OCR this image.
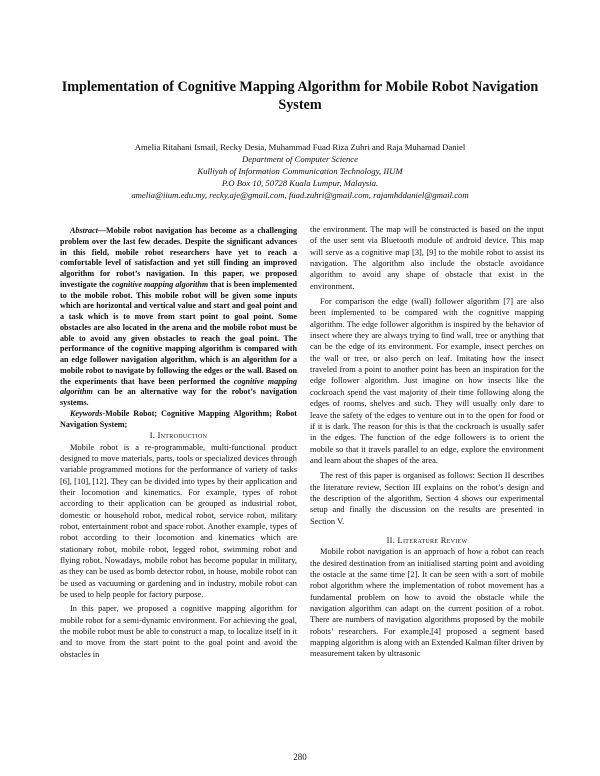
Implementation of Cognitive Mapping Algorithm for Mobile Robot Navigation System
Amelia Ritahani Ismail, Recky Desia, Muhammad Fuad Riza Zuhri and Raja Muhamad Daniel
Department of Computer Science
Kulliyah of Information Communication Technology, IIUM
P.O Box 10, 50728 Kuala Lumpur, Malaysia.
amelia@iium.edu.my, recky.aje@gmail.com, fuad.zuhri@gmail.com, rajamhddaniel@gmail.com

Abstract—Mobile robot navigation has become as a challenging problem over the last few decades. Despite the significant advances in this field, mobile robot researchers have yet to reach a comfortable level of satisfaction and yet still finding an improved algorithm for robot’s navigation. In this paper, we proposed investigate the cognitive mapping algorithm that is been implemented to the mobile robot. This mobile robot will be given some inputs which are horizontal and vertical value and start and goal point and a task which is to move from start point to goal point. Some obstacles are also located in the arena and the mobile robot must be able to avoid any given obstacles to reach the goal point. The performance of the cognitive mapping algorithm is compared with an edge follower navigation algorithm, which is an algorithm for a mobile robot to navigate by following the edges or the wall. Based on the experiments that have been performed the cognitive mapping algorithm can be an alternative way for the robot’s navigation systems.

Keywords-Mobile Robot; Cognitive Mapping Algorithm; Robot Navigation System;

I. Introduction

Mobile robot is a re-programmable, multi-functional product designed to move materials, parts, tools or specialized devices through variable programmed motions for the performance of variety of tasks [6], [10], [12]. They can be divided into types by their application and their locomotion and kinematics. For example, types of robot according to their application can be grouped as industrial robot, domestic or household robot, medical robot, service robot, military robot, entertainment robot and space robot. Another example, types of robot according to their locomotion and kinematics which are stationary robot, mobile robot, legged robot, swimming robot and flying robot. Nowadays, mobile robot has become popular in military, as they can be used as bomb detector robot, in house, mobile robot can be used as vacuuming or gardening and in industry, mobile robot can be used to help people for factory purpose.

In this paper, we proposed a cognitive mapping algorithm for mobile robot for a semi-dynamic environment. For achieving the goal, the mobile robot must be able to construct a map, to localize itself in it and to move from the start point to the goal point and avoid the obstacles in

the environment. The map will be constructed is based on the input of the user sent via Bluetooth module of android device. This map will serve as a cognitive map [3], [9] to the mobile robot to assist its navigation. The algorithm also include the obstacle avoidance algorithm to avoid any shape of obstacle that exist in the environment.

For comparison the edge (wall) follower algorithm [7] are also been implemented to be compared with the cognitive mapping algorithm. The edge follower algorithm is inspired by the behavior of insect where they are always trying to find wall, tree or anything that can be the edge of its environment. For example, insect perches on the wall or tree, or also perch on leaf. Imitating how the insect traveled from a point to another point has been an inspiration for the edge follower algorithm. Just imagine on how insects like the cockroach spend the vast majority of their time following along the edges of rooms, shelves and such. They will usually only dare to leave the safety of the edges to venture out in to the open for food or if it is dark. The reason for this is that the cockroach is usually safer in the edges. The function of the edge followers is to orient the mobile so that it travels parallel to an edge, explore the environment and learn about the shapes of the area.

The rest of this paper is organised as follows: Section II describes the literature review, Section III explains on the robot’s design and the description of the algorithm, Section 4 shows our experimental setup and finally the discussion on the results are presented in Section V.

II. Literature Review

Mobile robot navigation is an approach of how a robot can reach the desired destination from an initialised starting point and avoiding the ostacle at the same time [2]. It can be seen with a sort of mobile robot algorithm where the implementation of robot movement has a fundamental problem on how to avoid the obstacle while the navigation algorithm can adapt on the current position of a robot. There are numbers of navigation algorithms proposed by the mobile robots’ researchers. For example,[4] proposed a segment based mapping algorithm is along with an Extended Kalman filter driven by measurement taken by ultrasonic

280
